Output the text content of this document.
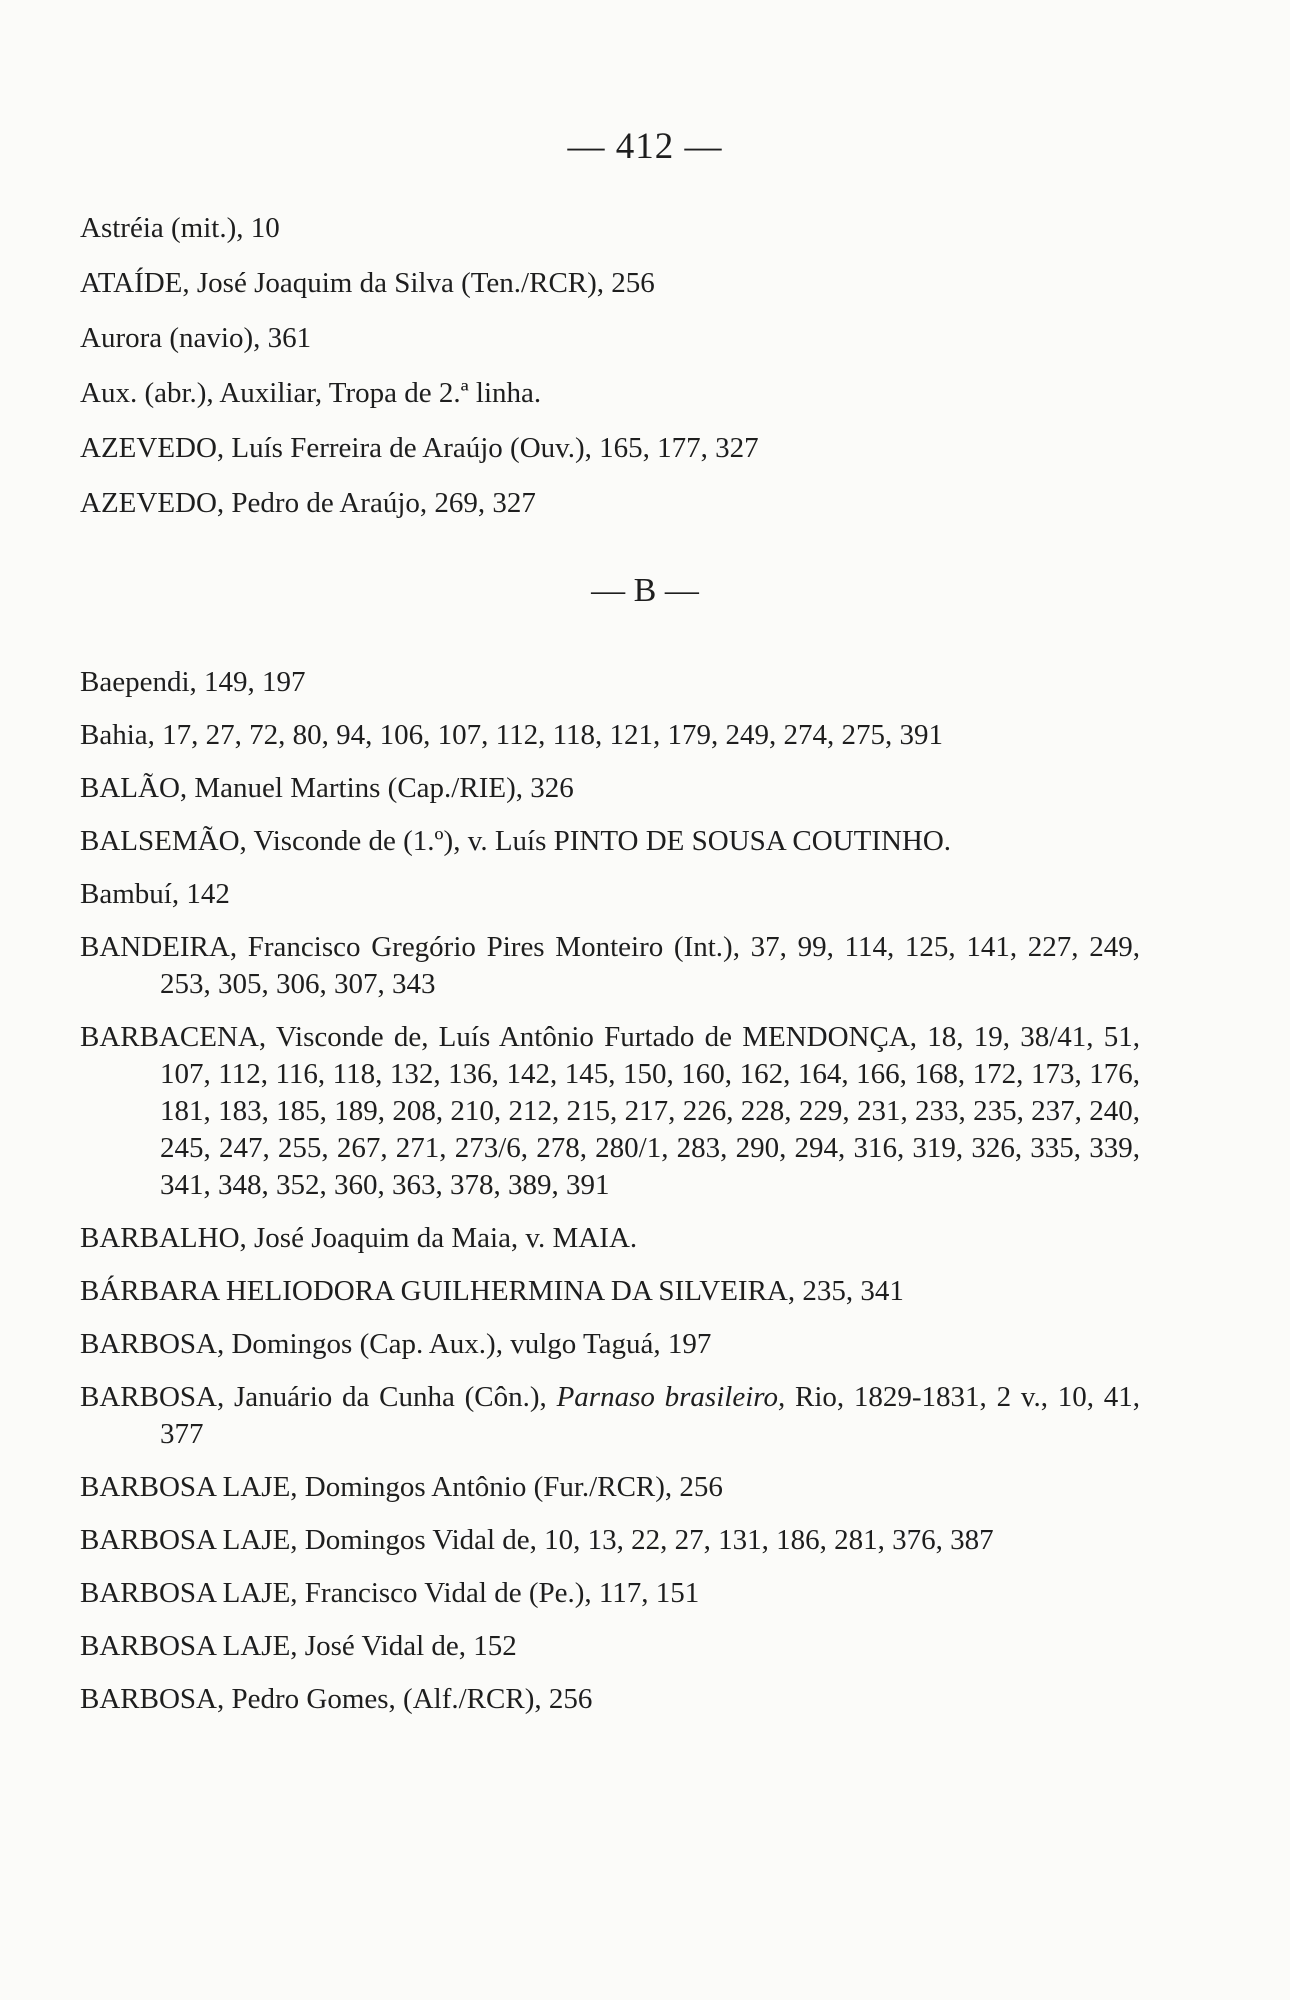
— 412 —

Astréia (mit.), 10

ATAÍDE, José Joaquim da Silva (Ten./RCR), 256

Aurora (navio), 361

Aux. (abr.), Auxiliar, Tropa de 2.ª linha.

AZEVEDO, Luís Ferreira de Araújo (Ouv.), 165, 177, 327

AZEVEDO, Pedro de Araújo, 269, 327

— B —

Baependi, 149, 197

Bahia, 17, 27, 72, 80, 94, 106, 107, 112, 118, 121, 179, 249, 274, 275, 391

BALÃO, Manuel Martins (Cap./RIE), 326

BALSEMÃO, Visconde de (1.º), v. Luís PINTO DE SOUSA COUTINHO.

Bambuí, 142

BANDEIRA, Francisco Gregório Pires Monteiro (Int.), 37, 99, 114, 125, 141, 227, 249, 253, 305, 306, 307, 343

BARBACENA, Visconde de, Luís Antônio Furtado de MENDONÇA, 18, 19, 38/41, 51, 107, 112, 116, 118, 132, 136, 142, 145, 150, 160, 162, 164, 166, 168, 172, 173, 176, 181, 183, 185, 189, 208, 210, 212, 215, 217, 226, 228, 229, 231, 233, 235, 237, 240, 245, 247, 255, 267, 271, 273/6, 278, 280/1, 283, 290, 294, 316, 319, 326, 335, 339, 341, 348, 352, 360, 363, 378, 389, 391

BARBALHO, José Joaquim da Maia, v. MAIA.

BÁRBARA HELIODORA GUILHERMINA DA SILVEIRA, 235, 341

BARBOSA, Domingos (Cap. Aux.), vulgo Taguá, 197

BARBOSA, Januário da Cunha (Côn.), Parnaso brasileiro, Rio, 1829-1831, 2 v., 10, 41, 377

BARBOSA LAJE, Domingos Antônio (Fur./RCR), 256

BARBOSA LAJE, Domingos Vidal de, 10, 13, 22, 27, 131, 186, 281, 376, 387

BARBOSA LAJE, Francisco Vidal de (Pe.), 117, 151

BARBOSA LAJE, José Vidal de, 152

BARBOSA, Pedro Gomes, (Alf./RCR), 256
